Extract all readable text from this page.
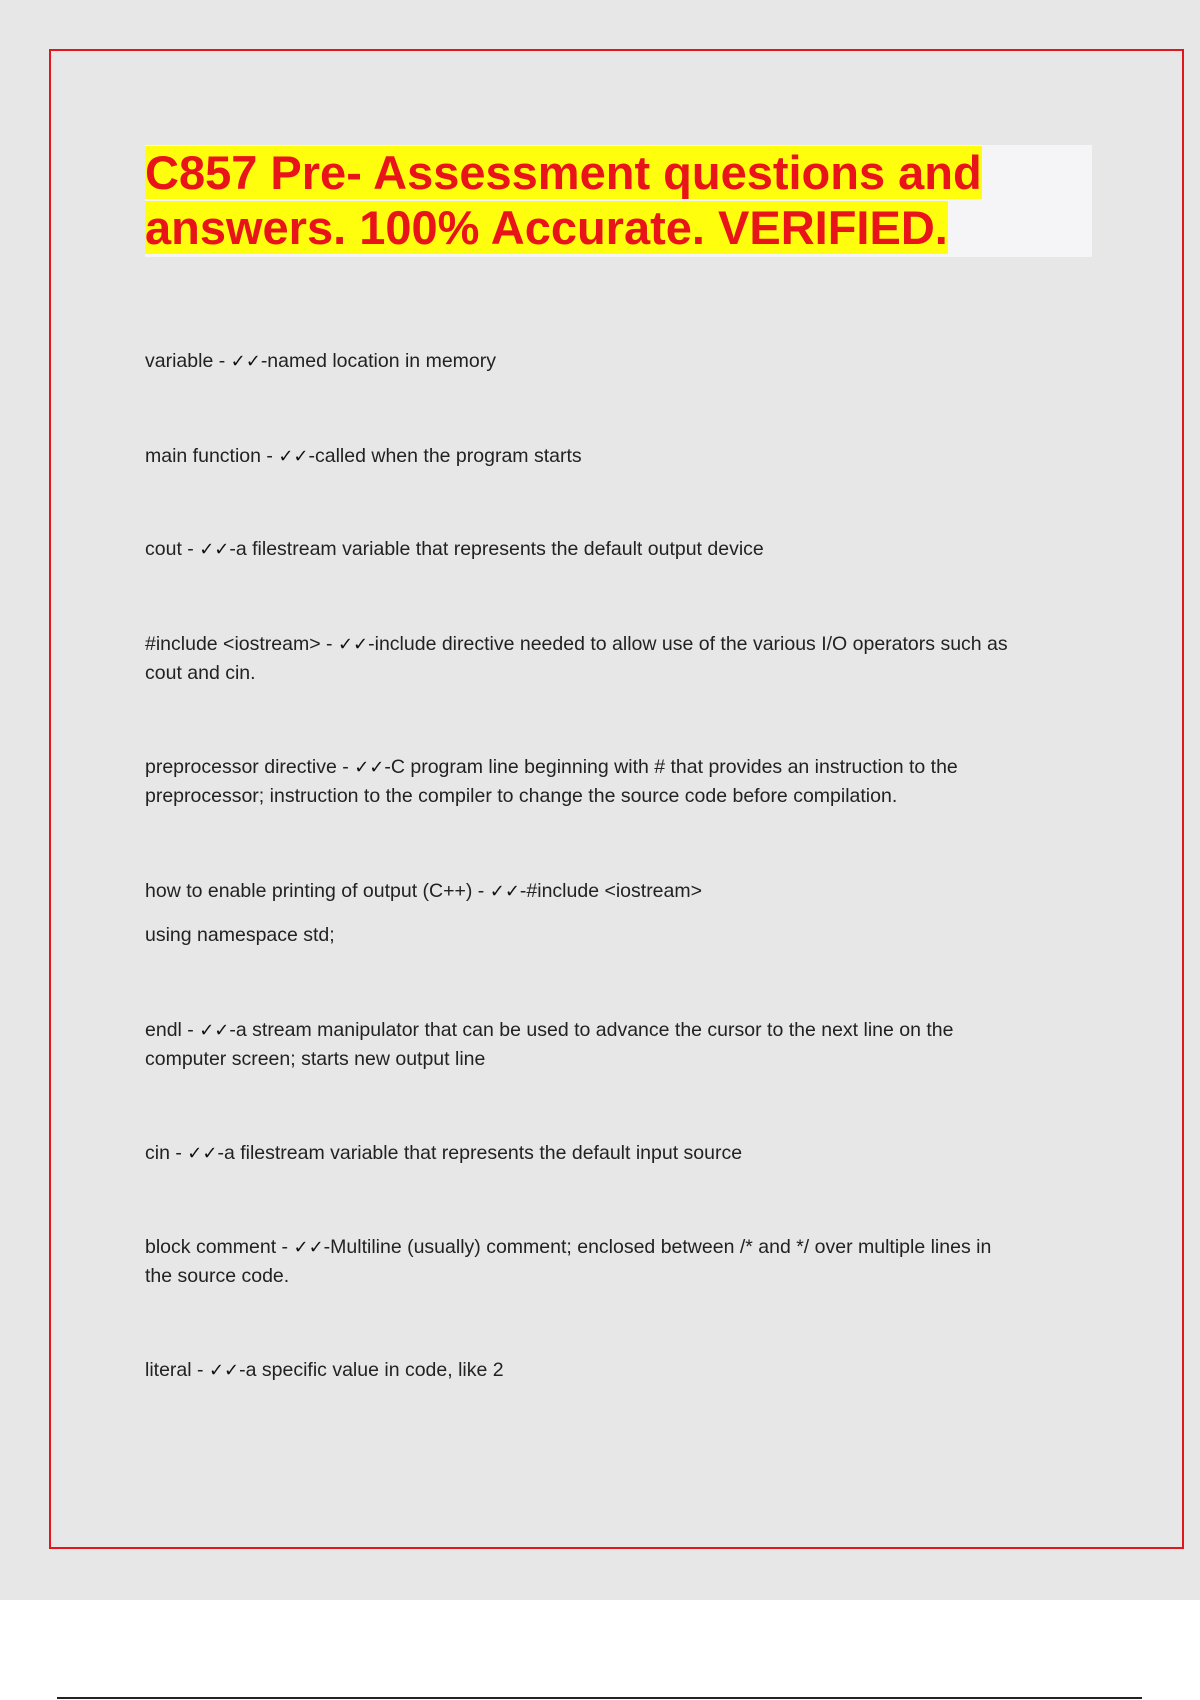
C857 Pre- Assessment questions and
answers. 100% Accurate. VERIFIED.
variable - ✓✓-named location in memory
main function - ✓✓-called when the program starts
cout - ✓✓-a filestream variable that represents the default output device
#include <iostream> - ✓✓-include directive needed to allow use of the various I/O operators such as
cout and cin.
preprocessor directive - ✓✓-C program line beginning with # that provides an instruction to the
preprocessor; instruction to the compiler to change the source code before compilation.
how to enable printing of output (C++) - ✓✓-#include <iostream>
using namespace std;
endl - ✓✓-a stream manipulator that can be used to advance the cursor to the next line on the
computer screen; starts new output line
cin - ✓✓-a filestream variable that represents the default input source
block comment - ✓✓-Multiline (usually) comment; enclosed between /* and */ over multiple lines in
the source code.
literal - ✓✓-a specific value in code, like 2
